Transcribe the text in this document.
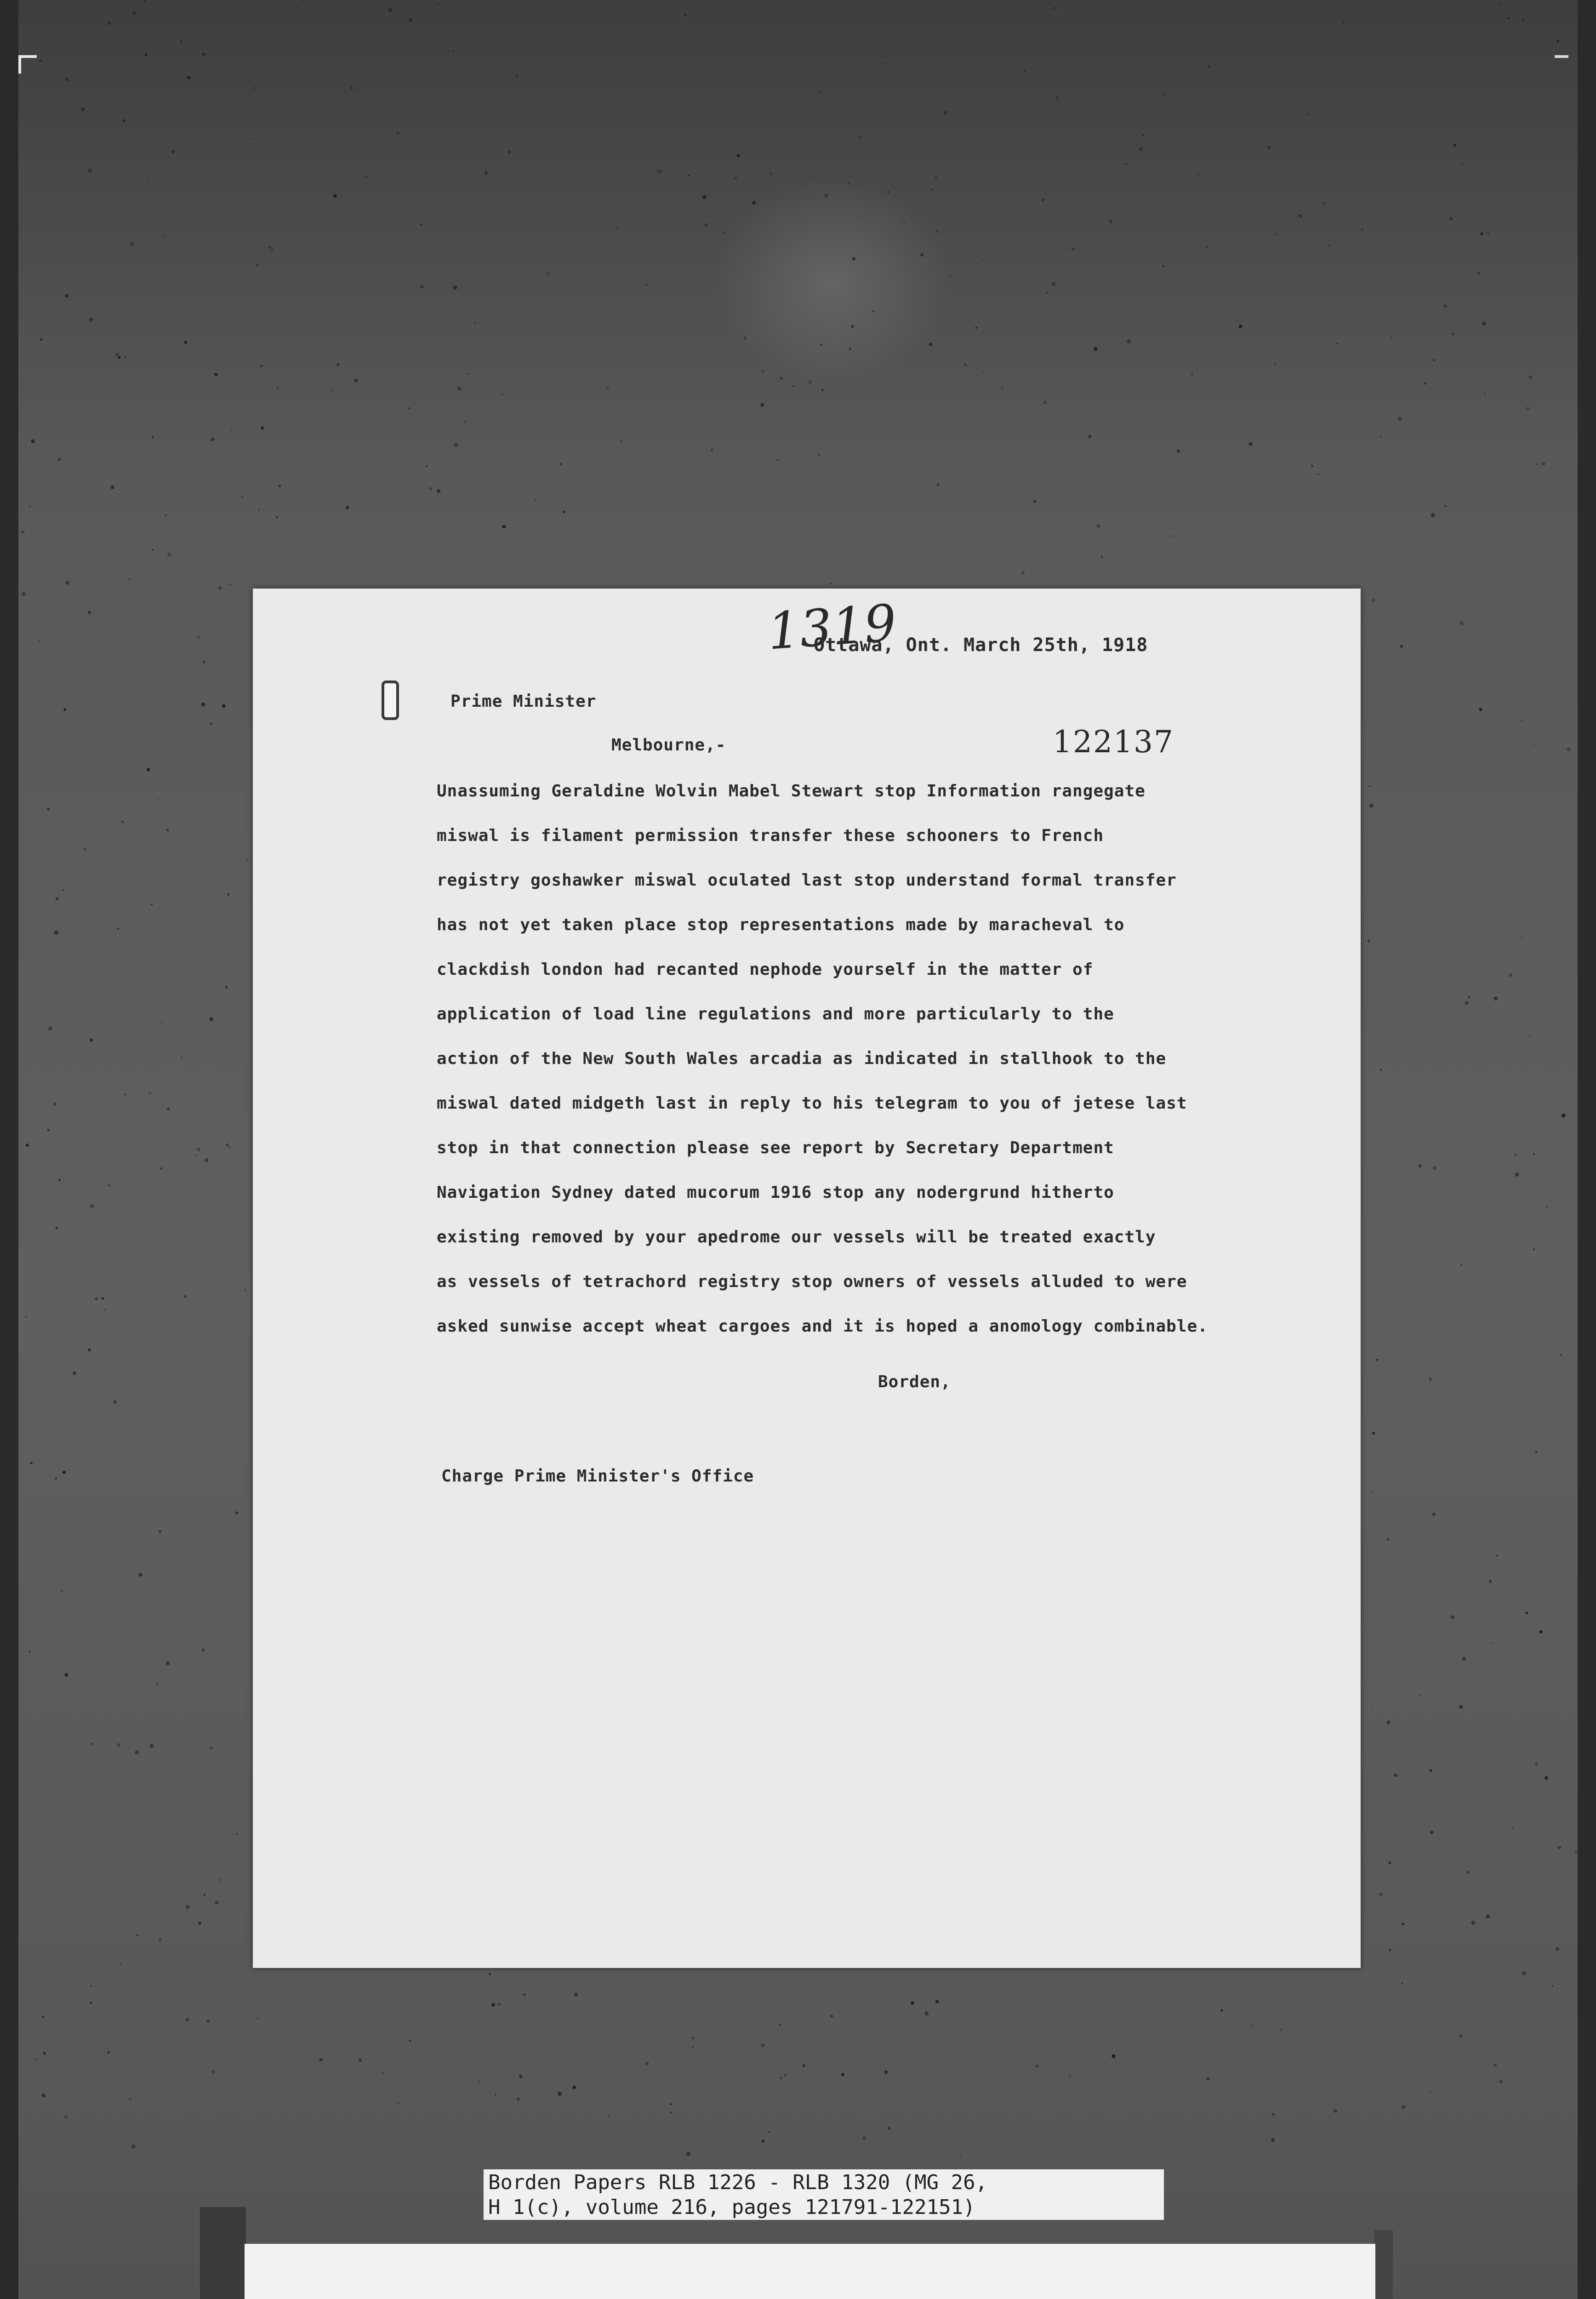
1319
Ottawa, Ont. March 25th, 1918
Prime Minister
Melbourne,-	122137
Unassuming Geraldine Wolvin Mabel Stewart stop Information rangegate
miswal is filament permission transfer these schooners to French
registry goshawker miswal oculated last stop understand formal transfer
has not yet taken place stop representations made by maracheval to
clackdish london had recanted nephode yourself in the matter of
application of load line regulations and more particularly to the
action of the New South Wales arcadia as indicated in stallhook to the
miswal dated midgeth last in reply to his telegram to you of jetese last
stop in that connection please see report by Secretary Department
Navigation Sydney dated mucorum 1916 stop any nodergrund hitherto
existing removed by your apedrome our vessels will be treated exactly
as vessels of tetrachord registry stop owners of vessels alluded to were
asked sunwise accept wheat cargoes and it is hoped a anomology combinable.
Borden,
Charge Prime Minister's Office
Borden Papers RLB 1226 - RLB 1320 (MG 26,
H 1(c), volume 216, pages 121791-122151)
